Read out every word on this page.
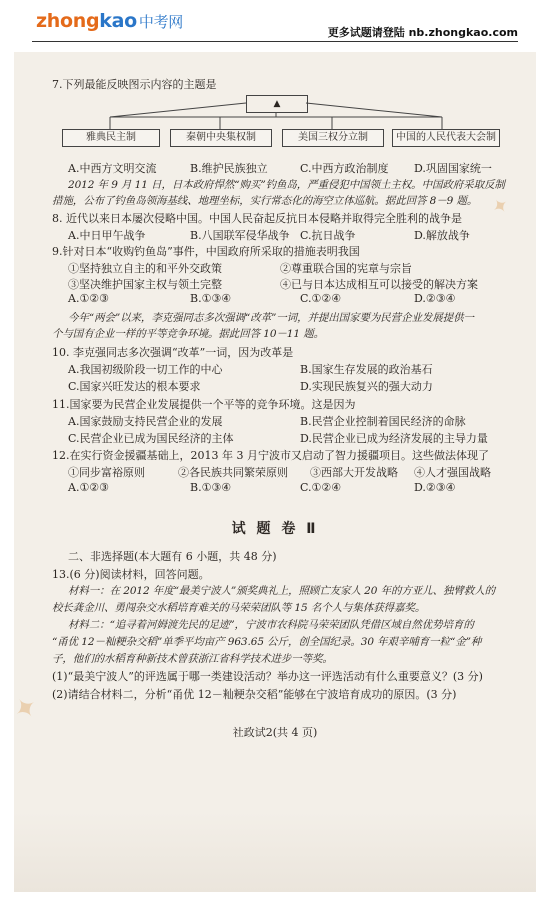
zhongkao 中考网
更多试题请登陆 nb.zhongkao.com
✦
✦
7.下列最能反映图示内容的主题是
▲
雅典民主制	秦朝中央集权制	美国三权分立制	中国的人民代表大会制
A.中西方文明交流	B.维护民族独立	C.中西方政治制度 D.巩固国家统一
2012 年 9 月 11 日，日本政府悍然“购买”钓鱼岛，严重侵犯中国领土主权。中国政府采取反制
措施，公布了钓鱼岛领海基线、地理坐标，实行常态化的海空立体巡航。据此回答 8－9 题。
8. 近代以来日本屡次侵略中国。中国人民奋起反抗日本侵略并取得完全胜利的战争是
A.中日甲午战争	B.八国联军侵华战争 C.抗日战争	D.解放战争
9.针对日本“收购钓鱼岛”事件，中国政府所采取的措施表明我国
①坚持独立自主的和平外交政策	②尊重联合国的宪章与宗旨
③坚决维护国家主权与领土完整	④已与日本达成相互可以接受的解决方案
A.①②③	B.①③④	C.①②④	D.②③④
今年“两会”以来，李克强同志多次强调“改革”一词，并提出国家要为民营企业发展提供一
个与国有企业一样的平等竞争环境。据此回答 10－11 题。
10. 李克强同志多次强调“改革”一词，因为改革是
A.我国初级阶段一切工作的中心	B.国家生存发展的政治基石
C.国家兴旺发达的根本要求	D.实现民族复兴的强大动力
11.国家要为民营企业发展提供一个平等的竞争环境。这是因为
A.国家鼓励支持民营企业的发展	B.民营企业控制着国民经济的命脉
C.民营企业已成为国民经济的主体	D.民营企业已成为经济发展的主导力量
12.在实行资金援疆基础上，2013 年 3 月宁波市又启动了智力援疆项目。这些做法体现了
①同步富裕原则	②各民族共同繁荣原则 ③西部大开发战略 ④人才强国战略
A.①②③	B.①③④	C.①②④	D.②③④
试 题 卷 Ⅱ
二、非选择题(本大题有 6 小题，共 48 分)
13.(6 分)阅读材料，回答问题。
材料一：在 2012 年度“最美宁波人”颁奖典礼上，照顾亡友家人 20 年的方亚儿、独臂救人的
校长龚金川、勇闯杂交水稻培育难关的马荣荣团队等 15 名个人与集体获得嘉奖。
材料二：“追寻着河姆渡先民的足迹”，宁波市农科院马荣荣团队凭借区域自然优势培育的
“甬优 12－籼粳杂交稻”单季平均亩产 963.65 公斤，创全国纪录。30 年艰辛哺育一粒“金”种
子，他们的水稻育种新技术曾获浙江省科学技术进步一等奖。
(1)“最美宁波人”的评选属于哪一类建设活动？举办这一评选活动有什么重要意义？(3 分)
(2)请结合材料二，分析“甬优 12－籼粳杂交稻”能够在宁波培育成功的原因。(3 分)
社政试2(共 4 页)
